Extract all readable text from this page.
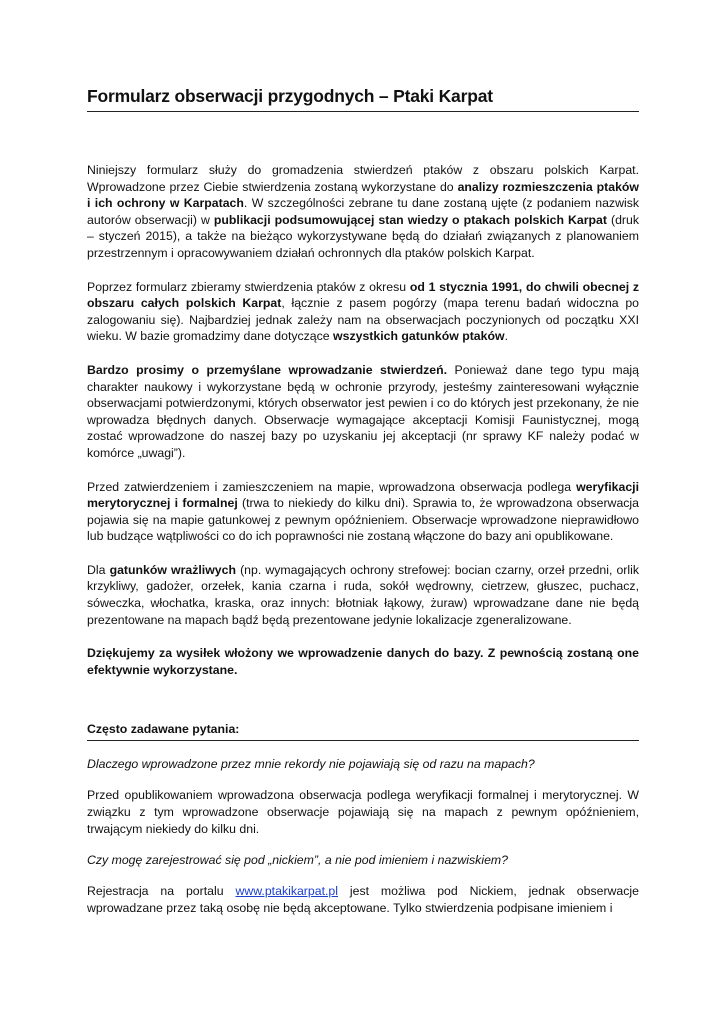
Formularz obserwacji przygodnych – Ptaki Karpat

Niniejszy formularz służy do gromadzenia stwierdzeń ptaków z obszaru polskich Karpat. Wprowadzone przez Ciebie stwierdzenia zostaną wykorzystane do analizy rozmieszczenia ptaków i ich ochrony w Karpatach. W szczególności zebrane tu dane zostaną ujęte (z podaniem nazwisk autorów obserwacji) w publikacji podsumowującej stan wiedzy o ptakach polskich Karpat (druk – styczeń 2015), a także na bieżąco wykorzystywane będą do działań związanych z planowaniem przestrzennym i opracowywaniem działań ochronnych dla ptaków polskich Karpat.

Poprzez formularz zbieramy stwierdzenia ptaków z okresu od 1 stycznia 1991, do chwili obecnej z obszaru całych polskich Karpat, łącznie z pasem pogórzy (mapa terenu badań widoczna po zalogowaniu się). Najbardziej jednak zależy nam na obserwacjach poczynionych od początku XXI wieku. W bazie gromadzimy dane dotyczące wszystkich gatunków ptaków.

Bardzo prosimy o przemyślane wprowadzanie stwierdzeń. Ponieważ dane tego typu mają charakter naukowy i wykorzystane będą w ochronie przyrody, jesteśmy zainteresowani wyłącznie obserwacjami potwierdzonymi, których obserwator jest pewien i co do których jest przekonany, że nie wprowadza błędnych danych. Obserwacje wymagające akceptacji Komisji Faunistycznej, mogą zostać wprowadzone do naszej bazy po uzyskaniu jej akceptacji (nr sprawy KF należy podać w komórce „uwagi”).

Przed zatwierdzeniem i zamieszczeniem na mapie, wprowadzona obserwacja podlega weryfikacji merytorycznej i formalnej (trwa to niekiedy do kilku dni). Sprawia to, że wprowadzona obserwacja pojawia się na mapie gatunkowej z pewnym opóźnieniem. Obserwacje wprowadzone nieprawidłowo lub budzące wątpliwości co do ich poprawności nie zostaną włączone do bazy ani opublikowane.

Dla gatunków wrażliwych (np. wymagających ochrony strefowej: bocian czarny, orzeł przedni, orlik krzykliwy, gadożer, orzełek, kania czarna i ruda, sokół wędrowny, cietrzew, głuszec, puchacz, sóweczka, włochatka, kraska, oraz innych: błotniak łąkowy, żuraw) wprowadzane dane nie będą prezentowane na mapach bądź będą prezentowane jedynie lokalizacje zgeneralizowane.

Dziękujemy za wysiłek włożony we wprowadzenie danych do bazy. Z pewnością zostaną one efektywnie wykorzystane.

Często zadawane pytania:

Dlaczego wprowadzone przez mnie rekordy nie pojawiają się od razu na mapach?

Przed opublikowaniem wprowadzona obserwacja podlega weryfikacji formalnej i merytorycznej. W związku z tym wprowadzone obserwacje pojawiają się na mapach z pewnym opóźnieniem, trwającym niekiedy do kilku dni.

Czy mogę zarejestrować się pod „nickiem”, a nie pod imieniem i nazwiskiem?

Rejestracja na portalu www.ptakikarpat.pl jest możliwa pod Nickiem, jednak obserwacje wprowadzane przez taką osobę nie będą akceptowane. Tylko stwierdzenia podpisane imieniem i
